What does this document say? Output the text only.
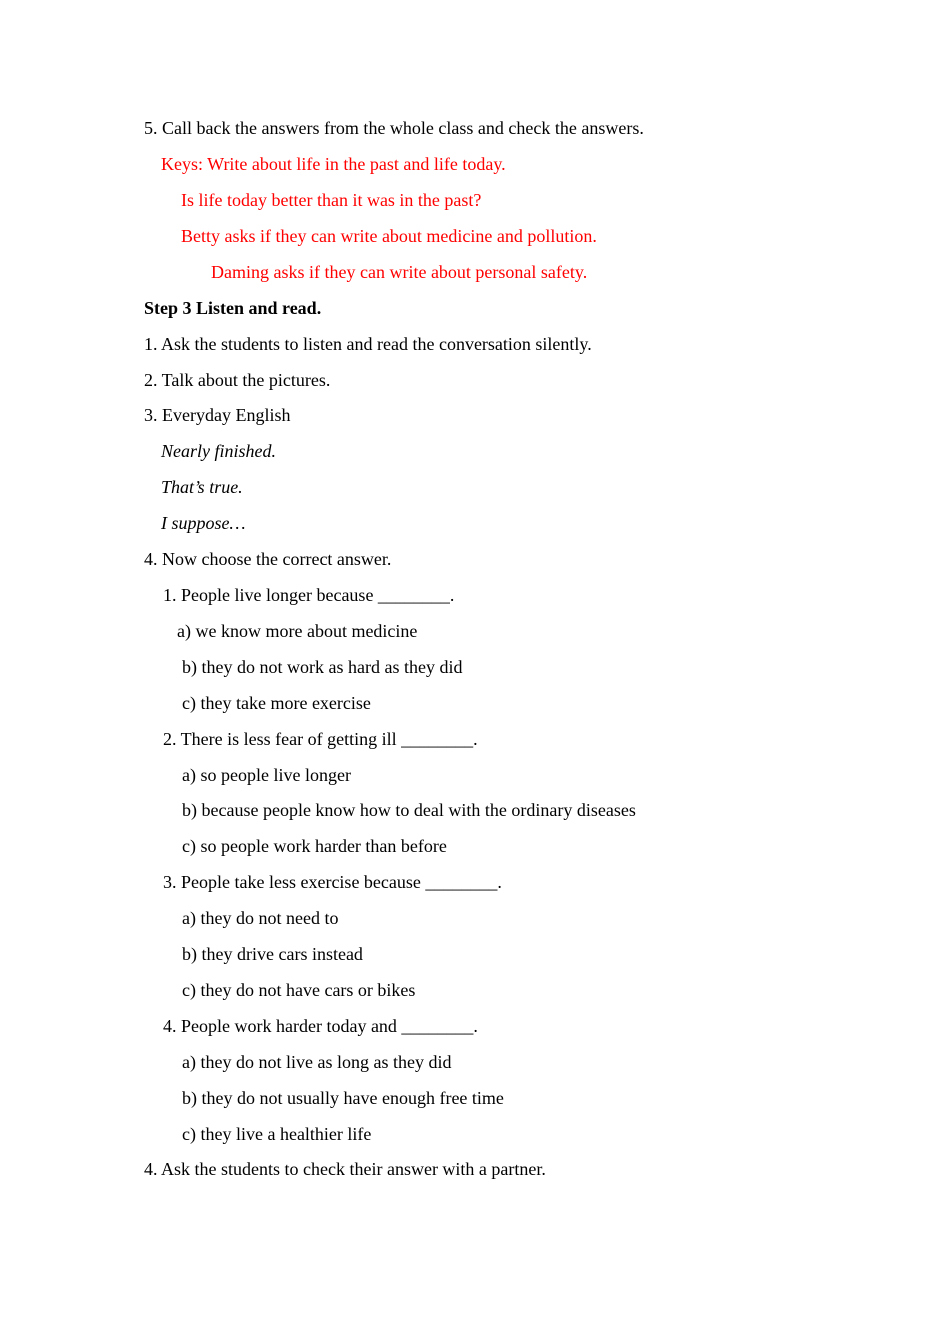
5. Call back the answers from the whole class and check the answers.
Keys: Write about life in the past and life today.
Is life today better than it was in the past?
Betty asks if they can write about medicine and pollution.
Daming asks if they can write about personal safety.
Step 3 Listen and read.
1. Ask the students to listen and read the conversation silently.
2. Talk about the pictures.
3. Everyday English
Nearly finished.
That’s true.
I suppose…
4. Now choose the correct answer.
1. People live longer because ________.
a) we know more about medicine
b) they do not work as hard as they did
c) they take more exercise
2. There is less fear of getting ill ________.
a) so people live longer
b) because people know how to deal with the ordinary diseases
c) so people work harder than before
3. People take less exercise because ________.
a) they do not need to
b) they drive cars instead
c) they do not have cars or bikes
4. People work harder today and ________.
a) they do not live as long as they did
b) they do not usually have enough free time
c) they live a healthier life
4. Ask the students to check their answer with a partner.
